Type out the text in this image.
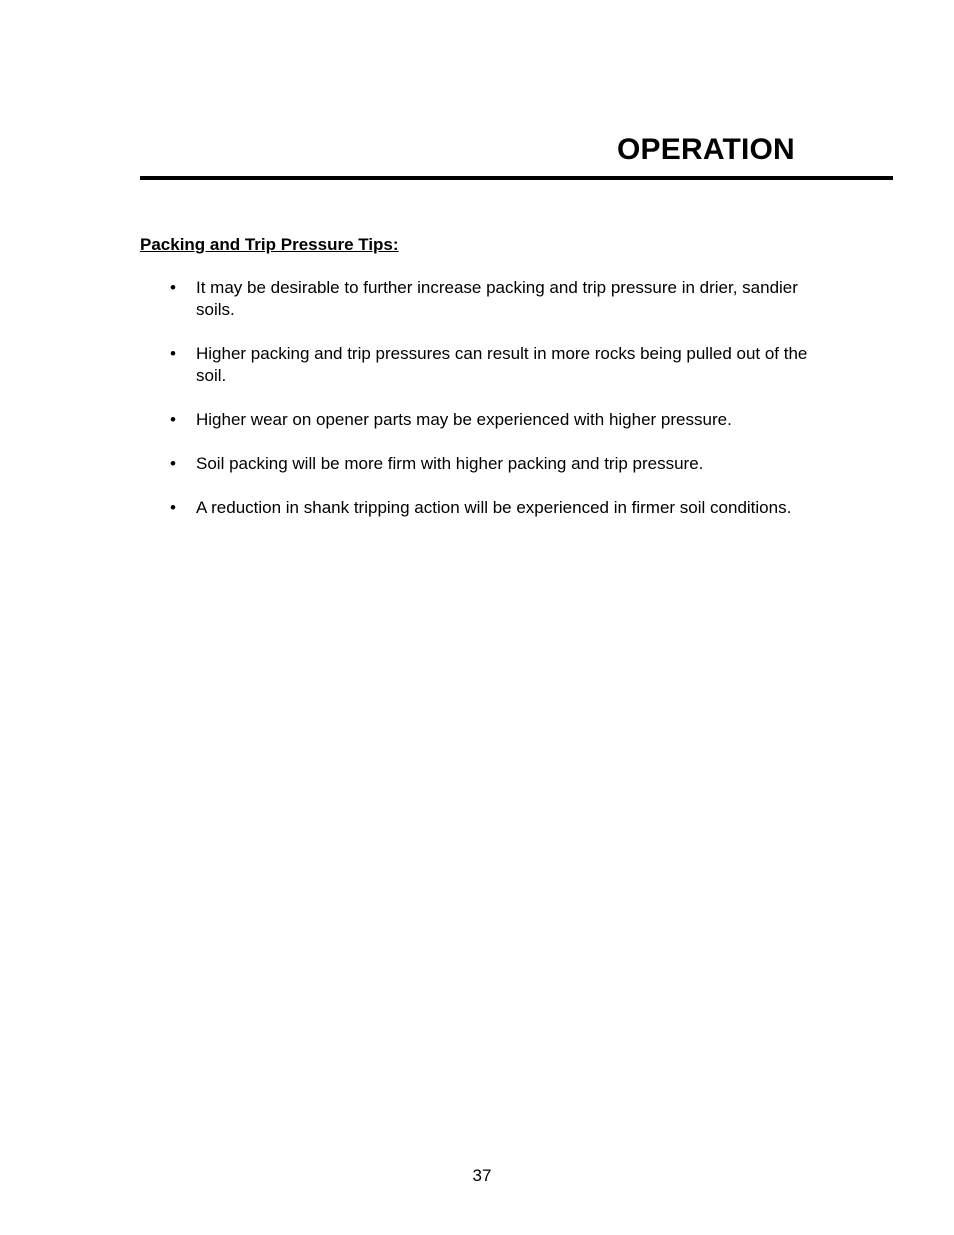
OPERATION
Packing and Trip Pressure Tips:
• It may be desirable to further increase packing and trip pressure in drier, sandier soils.
• Higher packing and trip pressures can result in more rocks being pulled out of the soil.
• Higher wear on opener parts may be experienced with higher pressure.
• Soil packing will be more firm with higher packing and trip pressure.
• A reduction in shank tripping action will be experienced in firmer soil conditions.
37
